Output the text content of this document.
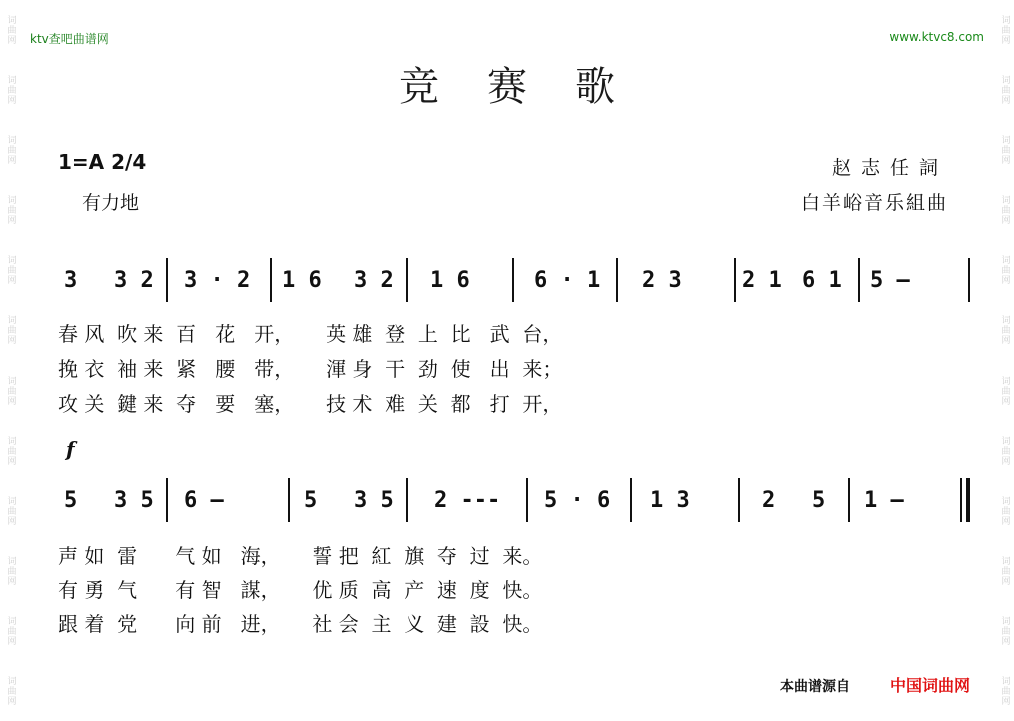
词曲网
词曲网
词曲网
词曲网
词曲网
词曲网
词曲网
词曲网
词曲网
词曲网
词曲网
词曲网
词曲网
词曲网
词曲网
词曲网
词曲网
词曲网
词曲网
词曲网
词曲网
词曲网
词曲网
词曲网
ktv查吧曲谱网	www.ktvc8.com
竞赛歌
1=A 2/4
有力地
赵志任詞
白羊峪音乐組曲
3 3 2 3 · 2 1 6 3 2 1 6	6 · 1 2 3	2 1 6 1 5 —
春 风  吹 来  百   花   开，     英 雄  登  上  比   武  台，
挽 衣  袖 来  紧   腰   带，     渾 身  干  劲  使   出  来；
攻 关  鍵 来  夺   要   塞，     技 术  难  关  都   打  开，
f
5 3 5 6 —	5 3 5 2 --- 5 · 6 1 3	2 5 1 —
声 如  雷      气 如   海，     誓 把  紅  旗  夺  过  来。
有 勇  气      有 智   謀，     优 质  高  产  速  度  快。
跟 着  党      向 前   进，     社 会  主  义  建  設  快。
本曲谱源自	中国词曲网
